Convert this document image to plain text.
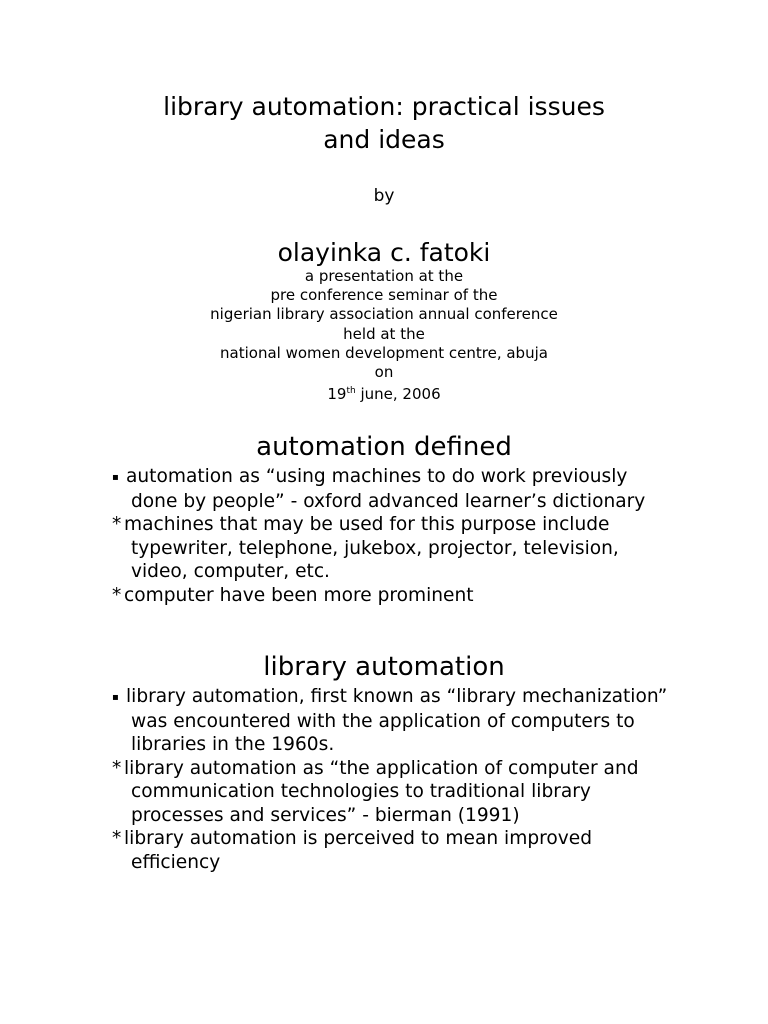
library automation: practical issues
and ideas
by
olayinka c. fatoki
a presentation at the
pre conference seminar of the
nigerian library association annual conference
held at the
national women development centre, abuja
on
19th june, 2006
automation defined
▪ automation as “using machines to do work previously done by people” - oxford advanced learner’s dictionary
* machines that may be used for this purpose include typewriter, telephone, jukebox, projector, television, video, computer, etc.
* computer have been more prominent
library automation
▪ library automation, first known as “library mechanization” was encountered with the application of computers to libraries in the 1960s.
* library automation as “the application of computer and communication technologies to traditional library processes and services” - bierman (1991)
* library automation is perceived to mean improved efficiency
